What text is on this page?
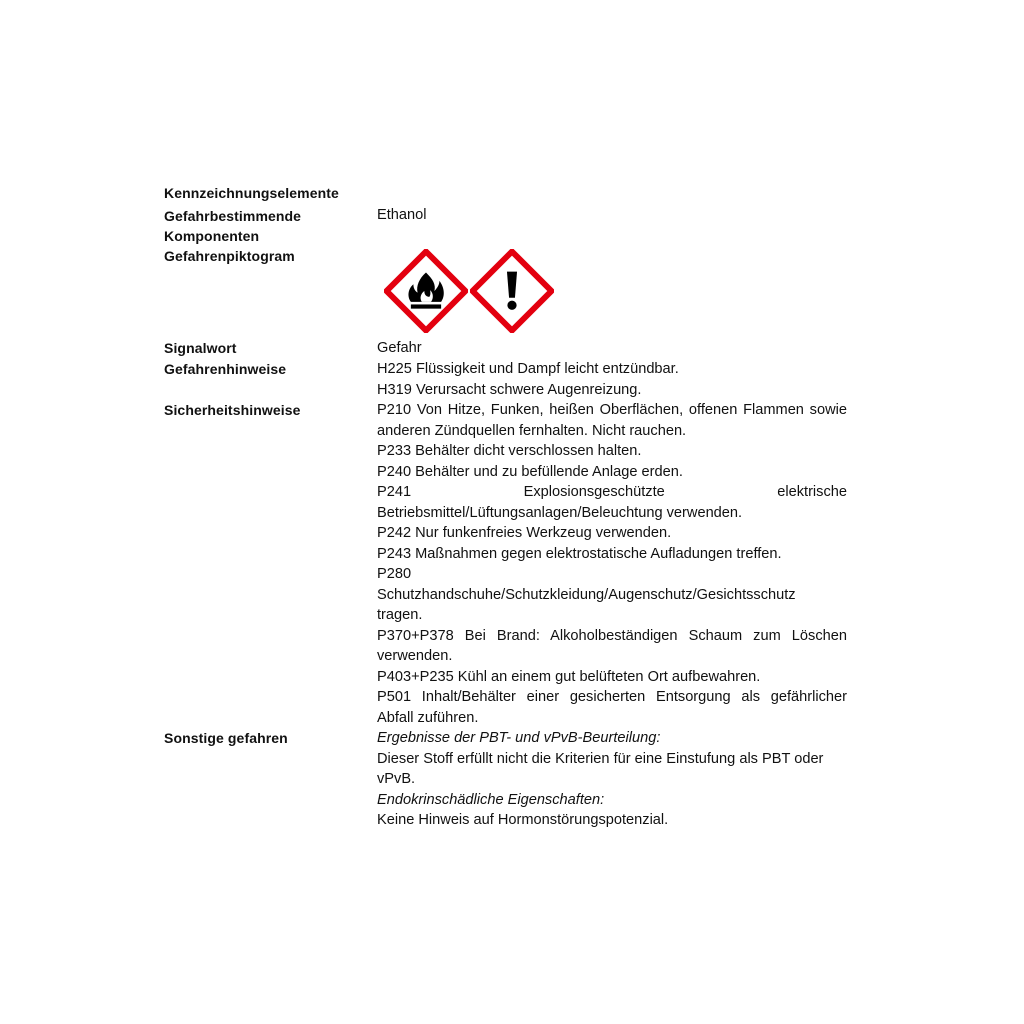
Kennzeichnungselemente
Gefahrbestimmende
Komponenten
Gefahrenpiktogram
Signalwort
Gefahrenhinweise
Sicherheitshinweise
Sonstige gefahren
Ethanol
Gefahr
H225 Flüssigkeit und Dampf leicht entzündbar.
H319 Verursacht schwere Augenreizung.
P210 Von Hitze, Funken, heißen Oberflächen, offenen Flammen sowie
anderen Zündquellen fernhalten. Nicht rauchen.
P233 Behälter dicht verschlossen halten.
P240 Behälter und zu befüllende Anlage erden.
P241 Explosionsgeschützte elektrische
Betriebsmittel/Lüftungsanlagen/Beleuchtung verwenden.
P242 Nur funkenfreies Werkzeug verwenden.
P243 Maßnahmen gegen elektrostatische Aufladungen treffen.
P280
Schutzhandschuhe/Schutzkleidung/Augenschutz/Gesichtsschutz
tragen.
P370+P378 Bei Brand: Alkoholbeständigen Schaum zum Löschen
verwenden.
P403+P235 Kühl an einem gut belüfteten Ort aufbewahren.
P501 Inhalt/Behälter einer gesicherten Entsorgung als gefährlicher
Abfall zuführen.
Ergebnisse der PBT- und vPvB-Beurteilung:
Dieser Stoff erfüllt nicht die Kriterien für eine Einstufung als PBT oder
vPvB.
Endokrinschädliche Eigenschaften:
Keine Hinweis auf Hormonstörungspotenzial.
